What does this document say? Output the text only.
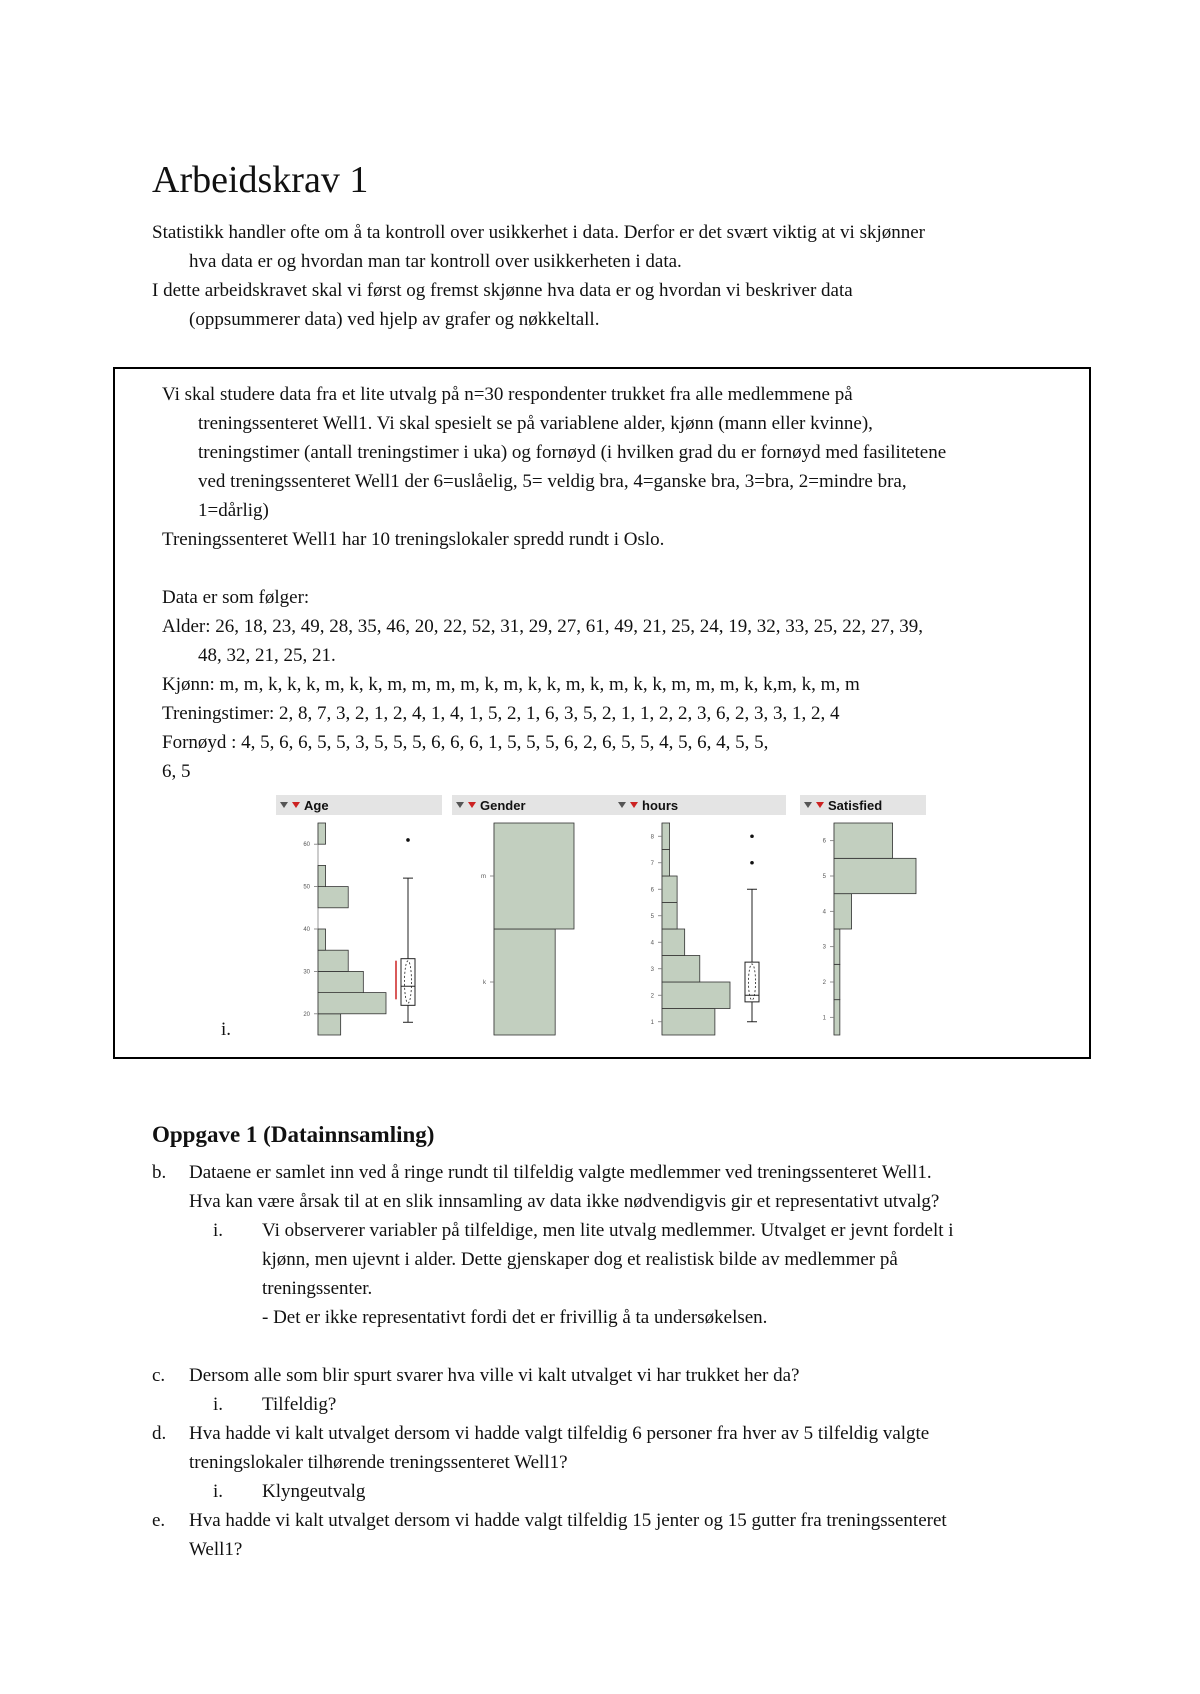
Arbeidskrav 1

Statistikk handler ofte om å ta kontroll over usikkerhet i data. Derfor er det svært viktig at vi skjønner

hva data er og hvordan man tar kontroll over usikkerheten i data.

I dette arbeidskravet skal vi først og fremst skjønne hva data er og hvordan vi beskriver data

(oppsummerer data) ved hjelp av grafer og nøkkeltall.

Vi skal studere data fra et lite utvalg på n=30 respondenter trukket fra alle medlemmene på

treningssenteret Well1. Vi skal spesielt se på variablene alder, kjønn (mann eller kvinne),

treningstimer (antall treningstimer i uka) og fornøyd (i hvilken grad du er fornøyd med fasilitetene

ved treningssenteret Well1 der 6=uslåelig, 5= veldig bra, 4=ganske bra, 3=bra, 2=mindre bra,

1=dårlig)

Treningssenteret Well1 har 10 treningslokaler spredd rundt i Oslo.

Data er som følger:

Alder: 26, 18, 23, 49, 28, 35, 46, 20, 22, 52, 31, 29, 27, 61, 49, 21, 25, 24, 19, 32, 33, 25, 22, 27, 39,

48, 32, 21, 25, 21.

Kjønn: m, m, k, k, k, m, k, k, m, m, m, m, k, m, k, k, m, k, m, k, k, m, m, m, k, k,m, k, m, m

Treningstimer: 2, 8, 7, 3, 2, 1, 2, 4, 1, 4, 1, 5, 2, 1, 6, 3, 5, 2, 1, 1, 2, 2, 3, 6, 2, 3, 3, 1, 2, 4

Fornøyd : 4, 5, 6, 6, 5, 5, 3, 5, 5, 5, 6, 6, 6, 1, 5, 5, 5, 6, 2, 6, 5, 5, 4, 5, 6, 4, 5, 5,

6, 5

i.

Age
20
30
40
50
60
Gender
k
m
hours
1
2
3
4
5
6
7
8
Satisfied
1
2
3
4
5
6
Oppgave 1 (Datainnsamling)
b. Dataene er samlet inn ved å ringe rundt til tilfeldig valgte medlemmer ved treningssenteret Well1.

Hva kan være årsak til at en slik innsamling av data ikke nødvendigvis gir et representativt utvalg?

i. Vi observerer variabler på tilfeldige, men lite utvalg medlemmer. Utvalget er jevnt fordelt i

kjønn, men ujevnt i alder. Dette gjenskaper dog et realistisk bilde av medlemmer på

treningssenter.

- Det er ikke representativt fordi det er frivillig å ta undersøkelsen.

c. Dersom alle som blir spurt svarer hva ville vi kalt utvalget vi har trukket her da?

i. Tilfeldig?

d. Hva hadde vi kalt utvalget dersom vi hadde valgt tilfeldig 6 personer fra hver av 5 tilfeldig valgte

treningslokaler tilhørende treningssenteret Well1?

i. Klyngeutvalg

e. Hva hadde vi kalt utvalget dersom vi hadde valgt tilfeldig 15 jenter og 15 gutter fra treningssenteret

Well1?
